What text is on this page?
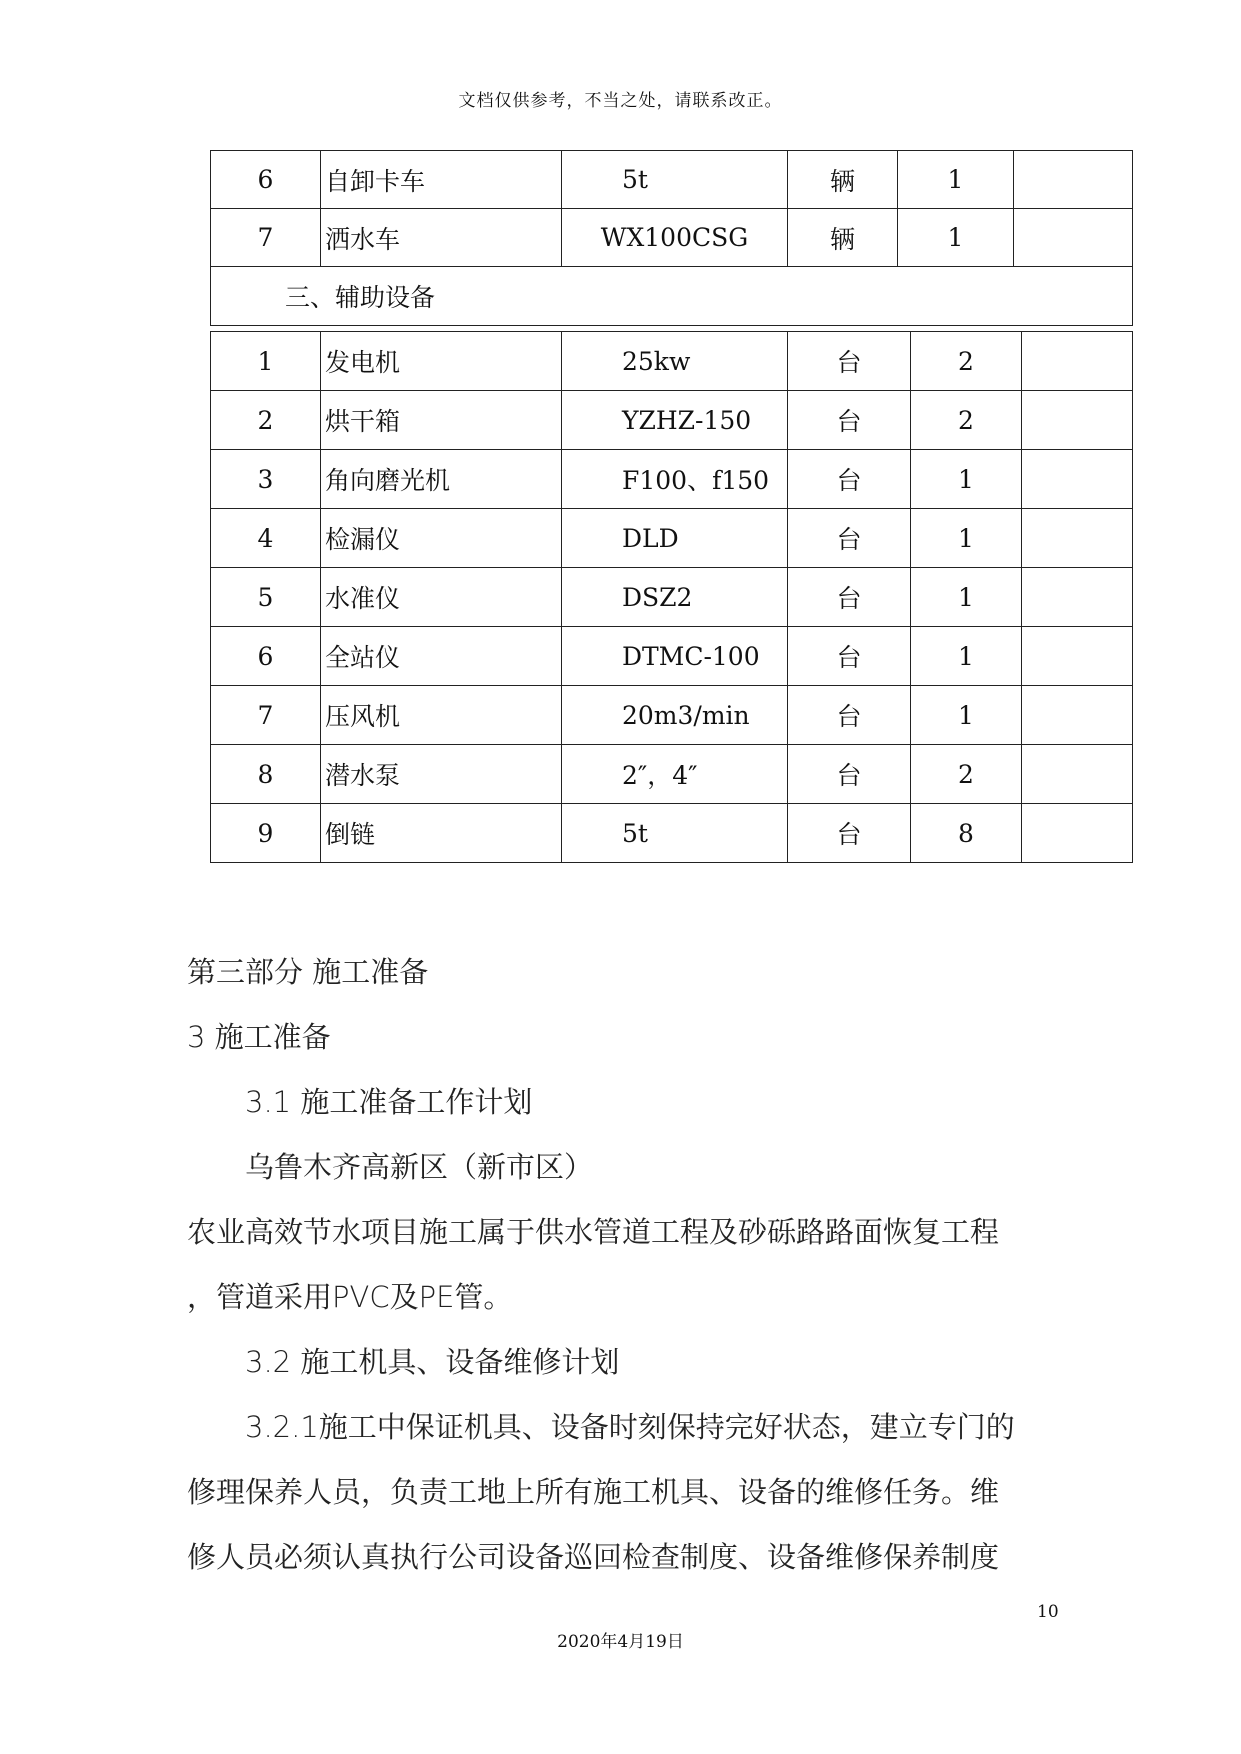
文档仅供参考，不当之处，请联系改正。
6	自卸卡车	5t	辆	1	
7	洒水车	WX100CSG	辆	1	
三、辅助设备					
1	发电机	25kw	台	2	
2	烘干箱	YZHZ-150	台	2	
3	角向磨光机	F100、f150	台	1	
4	检漏仪	DLD	台	1	
5	水准仪	DSZ2	台	1	
6	全站仪	DTMC-100	台	1	
7	压风机	20m3/min	台	1	
8	潜水泵	2″，4″	台	2	
9	倒链	5t	台	8	
第三部分 施工准备
3 施工准备
3.1 施工准备工作计划
乌鲁木齐高新区（新市区）
农业高效节水项目施工属于供水管道工程及砂砾路路面恢复工程
，管道采用PVC及PE管。
3.2 施工机具、设备维修计划
3.2.1施工中保证机具、设备时刻保持完好状态，建立专门的
修理保养人员，负责工地上所有施工机具、设备的维修任务。维
修人员必须认真执行公司设备巡回检查制度、设备维修保养制度
10
2020年4月19日
